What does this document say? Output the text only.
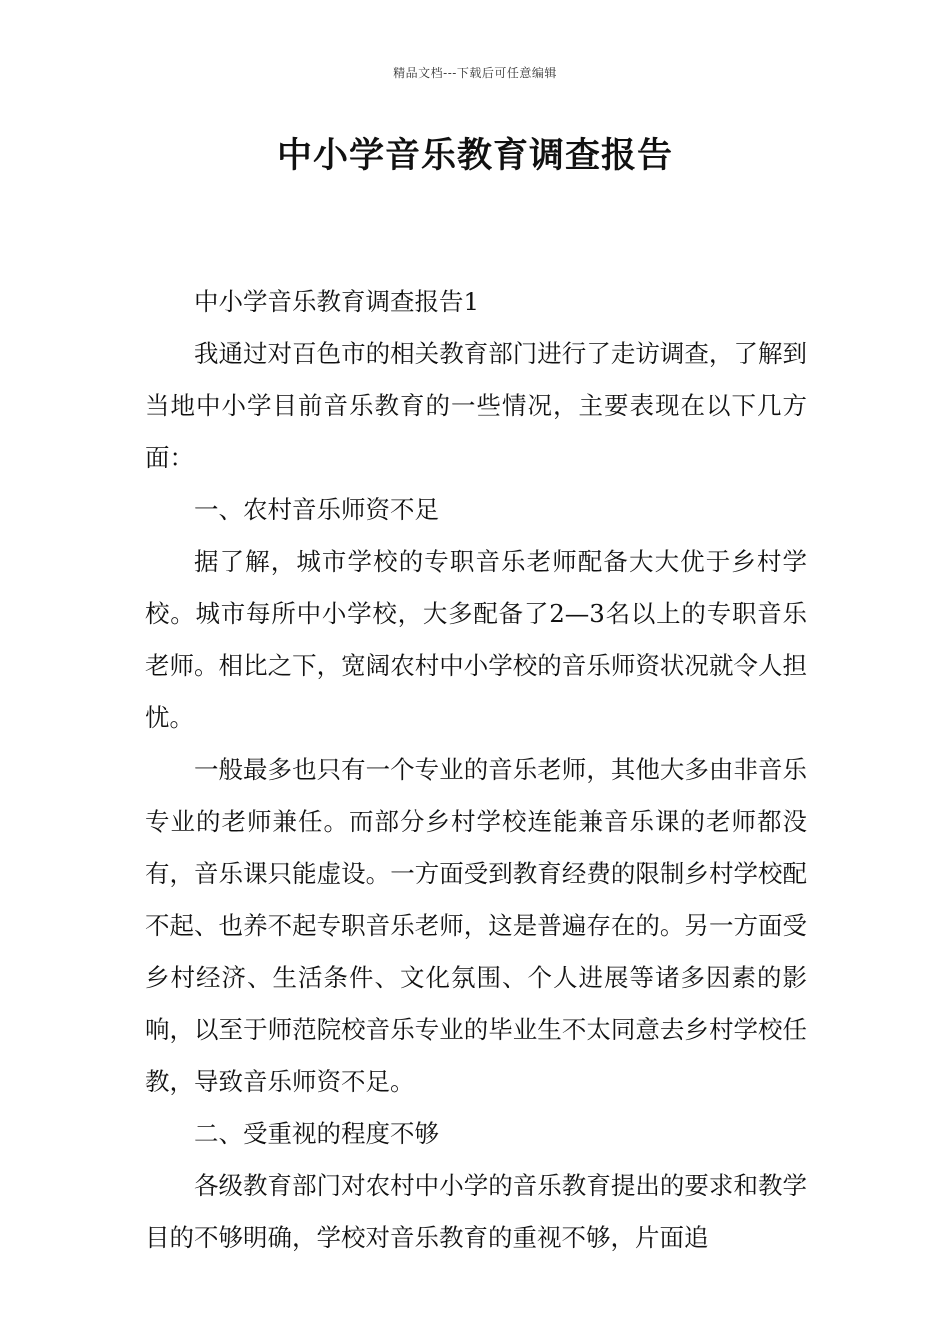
精品文档---下载后可任意编辑
中小学音乐教育调查报告

中小学音乐教育调查报告1

我通过对百色市的相关教育部门进行了走访调查，了解到当地中小学目前音乐教育的一些情况，主要表现在以下几方面：

一、农村音乐师资不足

据了解，城市学校的专职音乐老师配备大大优于乡村学校。城市每所中小学校，大多配备了2—3名以上的专职音乐老师。相比之下，宽阔农村中小学校的音乐师资状况就令人担忧。

一般最多也只有一个专业的音乐老师，其他大多由非音乐专业的老师兼任。而部分乡村学校连能兼音乐课的老师都没有，音乐课只能虚设。一方面受到教育经费的限制乡村学校配不起、也养不起专职音乐老师，这是普遍存在的。另一方面受乡村经济、生活条件、文化氛围、个人进展等诸多因素的影响，以至于师范院校音乐专业的毕业生不太同意去乡村学校任教，导致音乐师资不足。

二、受重视的程度不够

各级教育部门对农村中小学的音乐教育提出的要求和教学目的不够明确，学校对音乐教育的重视不够，片面追
